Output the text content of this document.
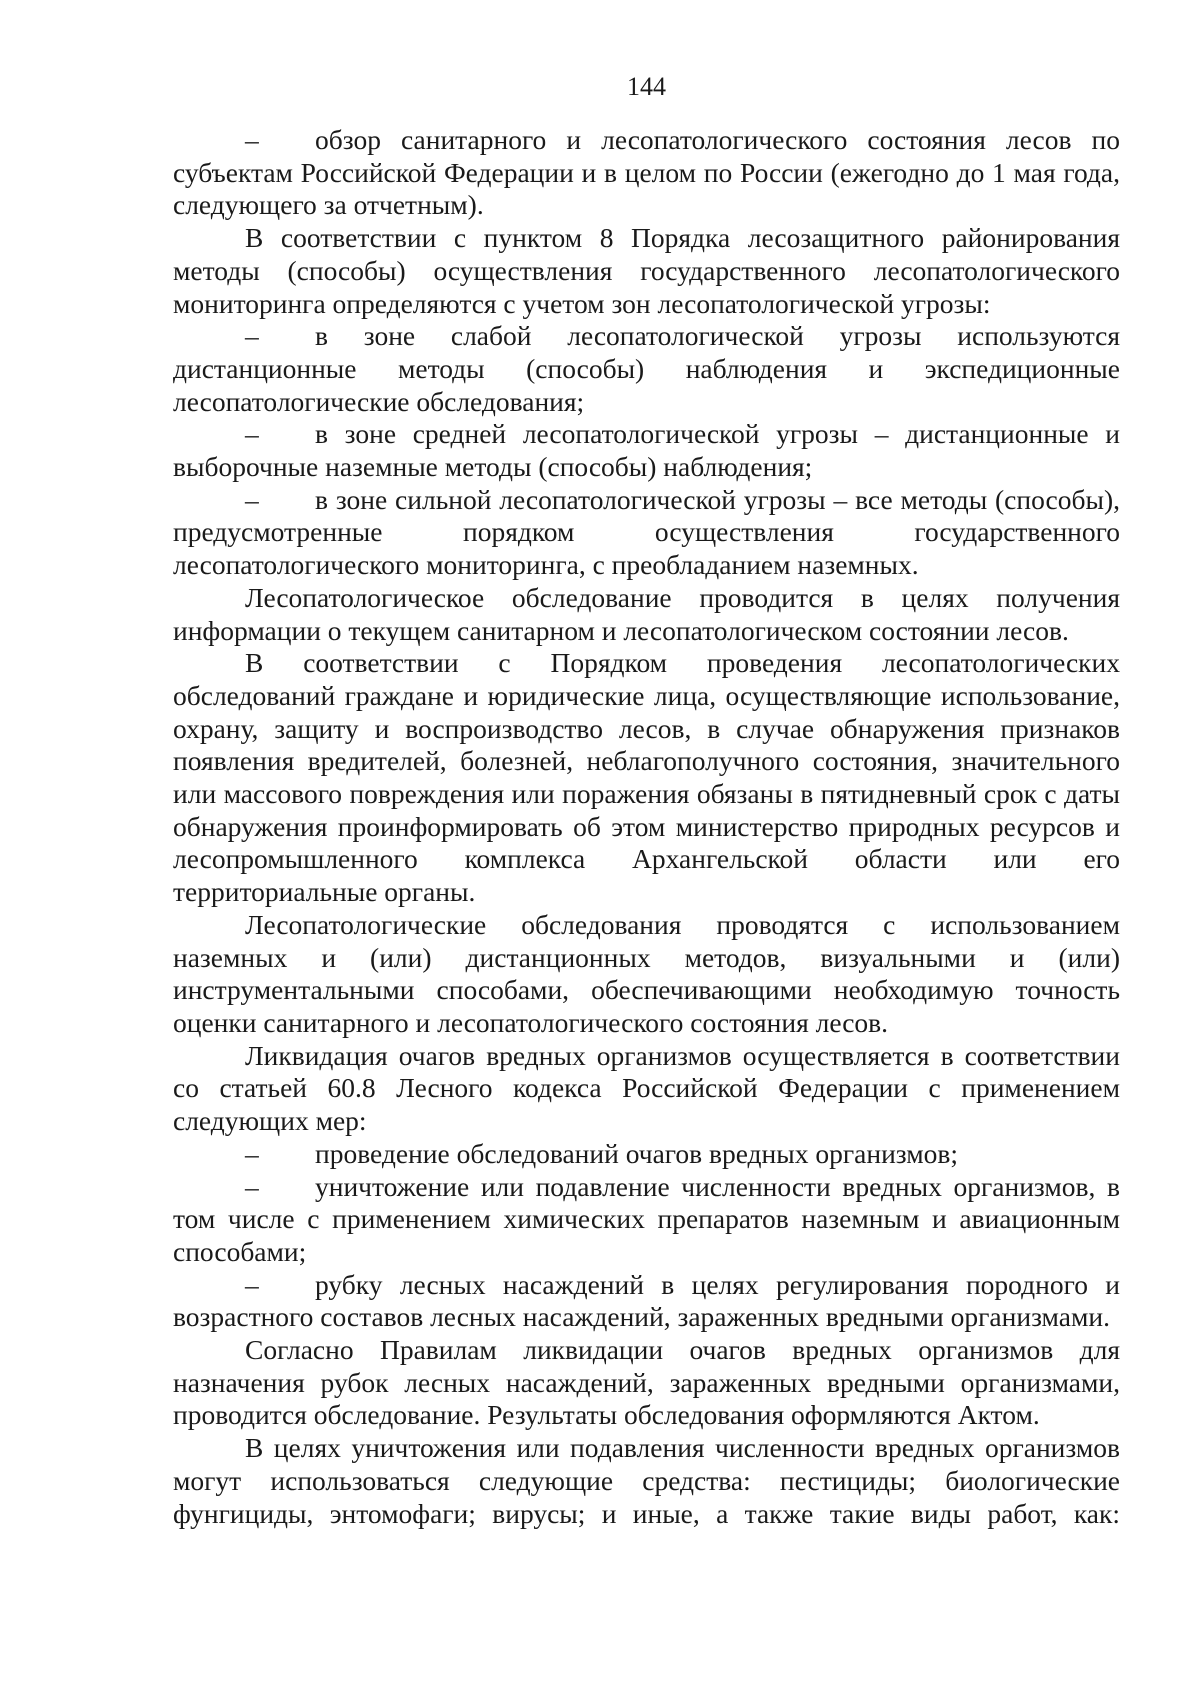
144

– обзор санитарного и лесопатологического состояния лесов по субъектам Российской Федерации и в целом по России (ежегодно до 1 мая года, следующего за отчетным).

В соответствии с пунктом 8 Порядка лесозащитного районирования методы (способы) осуществления государственного лесопатологического мониторинга определяются с учетом зон лесопатологической угрозы:

– в зоне слабой лесопатологической угрозы используются дистанционные методы (способы) наблюдения и экспедиционные лесопатологические обследования;

– в зоне средней лесопатологической угрозы – дистанционные и выборочные наземные методы (способы) наблюдения;

– в зоне сильной лесопатологической угрозы – все методы (способы), предусмотренные порядком осуществления государственного лесопатологического мониторинга, с преобладанием наземных.

Лесопатологическое обследование проводится в целях получения информации о текущем санитарном и лесопатологическом состоянии лесов.

В соответствии с Порядком проведения лесопатологических обследований граждане и юридические лица, осуществляющие использование, охрану, защиту и воспроизводство лесов, в случае обнаружения признаков появления вредителей, болезней, неблагополучного состояния, значительного или массового повреждения или поражения обязаны в пятидневный срок с даты обнаружения проинформировать об этом министерство природных ресурсов и лесопромышленного комплекса Архангельской области или его территориальные органы.

Лесопатологические обследования проводятся с использованием наземных и (или) дистанционных методов, визуальными и (или) инструментальными способами, обеспечивающими необходимую точность оценки санитарного и лесопатологического состояния лесов.

Ликвидация очагов вредных организмов осуществляется в соответствии со статьей 60.8 Лесного кодекса Российской Федерации с применением следующих мер:

– проведение обследований очагов вредных организмов;

– уничтожение или подавление численности вредных организмов, в том числе с применением химических препаратов наземным и авиационным способами;

– рубку лесных насаждений в целях регулирования породного и возрастного составов лесных насаждений, зараженных вредными организмами.

Согласно Правилам ликвидации очагов вредных организмов для назначения рубок лесных насаждений, зараженных вредными организмами, проводится обследование. Результаты обследования оформляются Актом.

В целях уничтожения или подавления численности вредных организмов могут использоваться следующие средства: пестициды; биологические фунгициды, энтомофаги; вирусы; и иные, а также такие виды работ, как:
